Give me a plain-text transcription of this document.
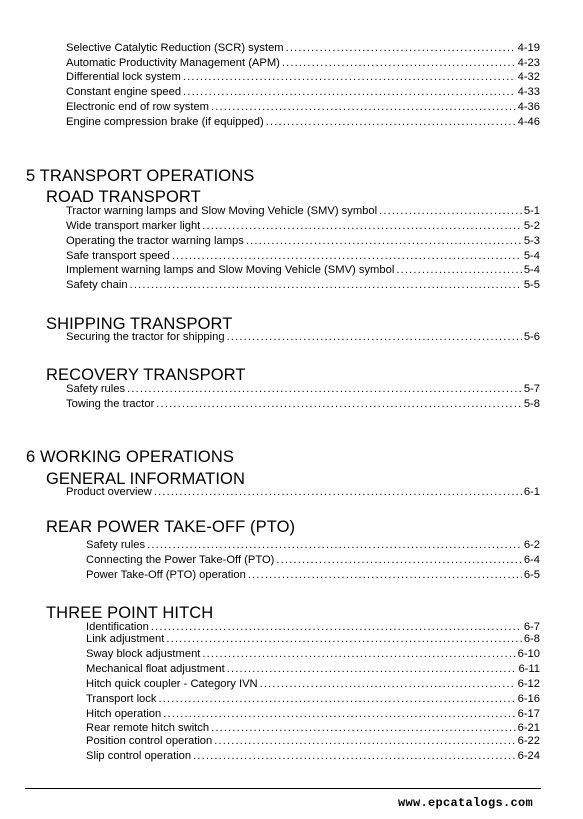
Selective Catalytic Reduction (SCR) system .....	4-19
Automatic Productivity Management (APM) .....	4-23
Differential lock system .....	4-32
Constant engine speed .....	4-33
Electronic end of row system .....	4-36
Engine compression brake (if equipped) .....	4-46
5 TRANSPORT OPERATIONS
ROAD TRANSPORT
Tractor warning lamps and Slow Moving Vehicle (SMV) symbol .....	5-1
Wide transport marker light .....	5-2
Operating the tractor warning lamps .....	5-3
Safe transport speed .....	5-4
Implement warning lamps and Slow Moving Vehicle (SMV) symbol .....	5-4
Safety chain .....	5-5
SHIPPING TRANSPORT
Securing the tractor for shipping .....	5-6
RECOVERY TRANSPORT
Safety rules .....	5-7
Towing the tractor .....	5-8
6 WORKING OPERATIONS
GENERAL INFORMATION
Product overview .....	6-1
REAR POWER TAKE-OFF (PTO)
Safety rules .....	6-2
Connecting the Power Take-Off (PTO) .....	6-4
Power Take-Off (PTO) operation .....	6-5
THREE POINT HITCH
Identification .....	6-7
Link adjustment .....	6-8
Sway block adjustment .....	6-10
Mechanical float adjustment .....	6-11
Hitch quick coupler - Category IVN .....	6-12
Transport lock .....	6-16
Hitch operation .....	6-17
Rear remote hitch switch .....	6-21
Position control operation .....	6-22
Slip control operation .....	6-24
www.epcatalogs.com
